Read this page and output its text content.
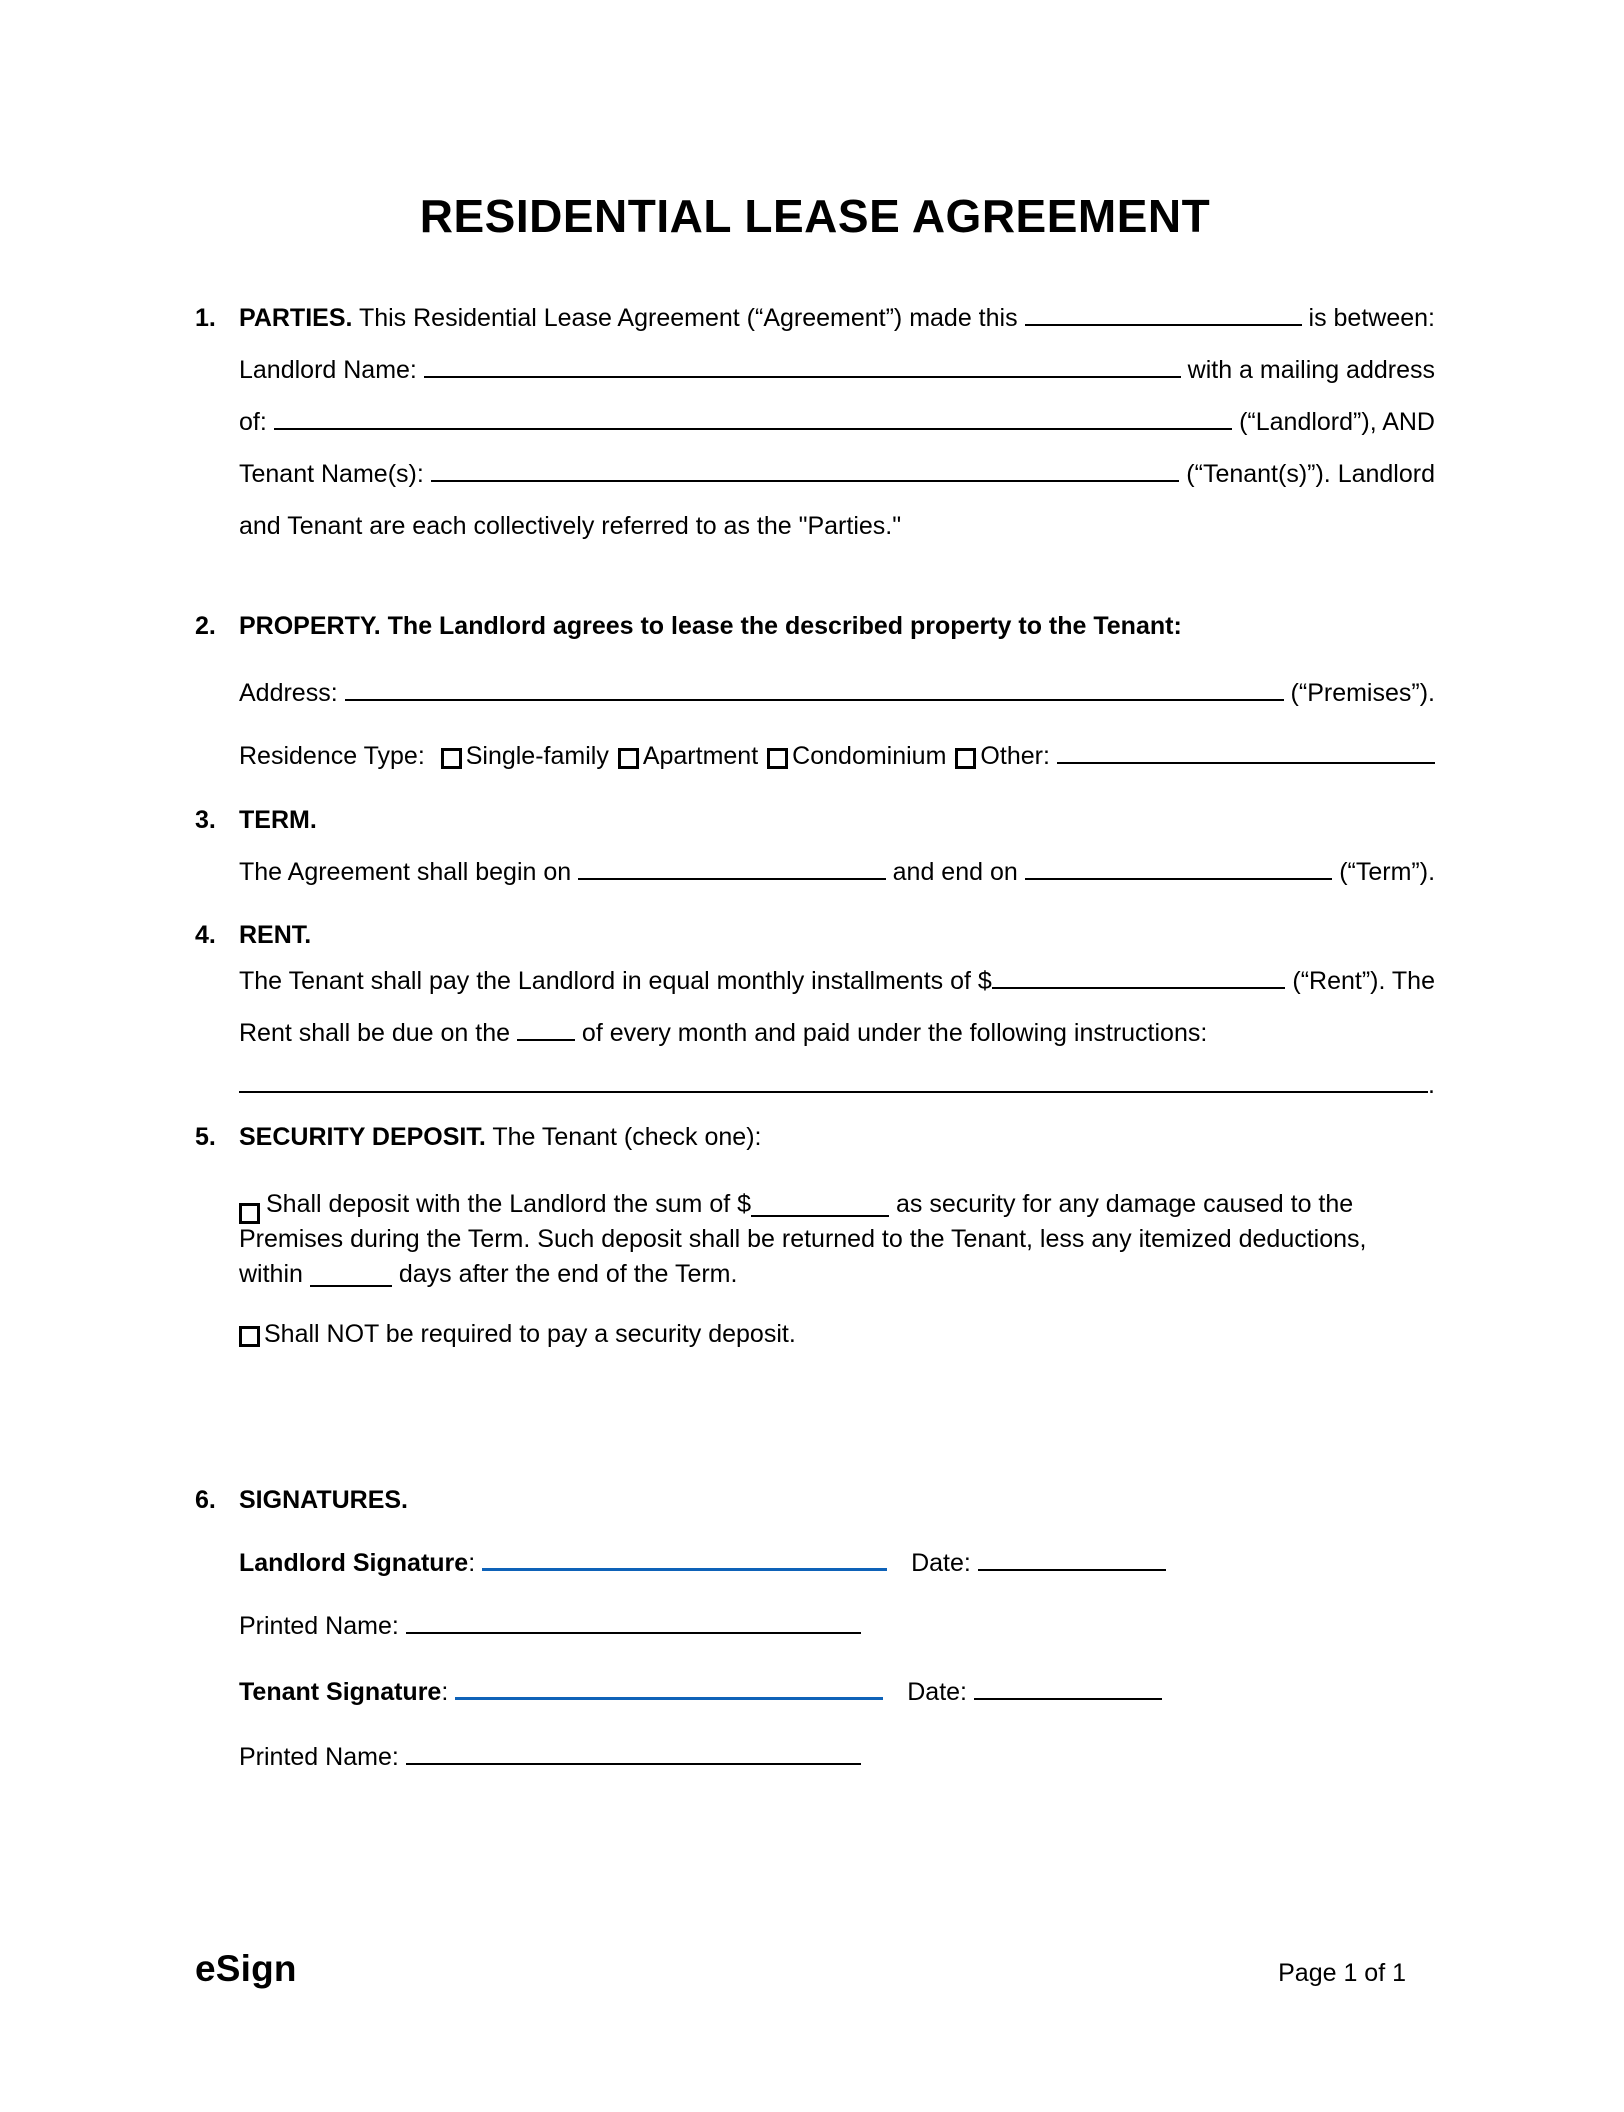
RESIDENTIAL LEASE AGREEMENT
1. PARTIES. This Residential Lease Agreement (“Agreement”) made this	is between:
Landlord Name:	with a mailing address
of:	(“Landlord”), AND
Tenant Name(s):	(“Tenant(s)”). Landlord
and Tenant are each collectively referred to as the "Parties."
2. PROPERTY. The Landlord agrees to lease the described property to the Tenant:
Address:	(“Premises”).
Residence Type: Single-family Apartment Condominium Other:
3. TERM.
The Agreement shall begin on	and end on	(“Term”).
4. RENT.
The Tenant shall pay the Landlord in equal monthly installments of $	(“Rent”). The
Rent shall be due on the of every month and paid under the following instructions:
.
5. SECURITY DEPOSIT. The Tenant (check one):
Shall deposit with the Landlord the sum of $	as security for any damage caused to the Premises during the Term. Such deposit shall be returned to the Tenant, less any itemized deductions, within	days after the end of the Term.
Shall NOT be required to pay a security deposit.
6. SIGNATURES.
Landlord Signature :	Date:
Printed Name:
Tenant Signature :	Date:
Printed Name:
eSign	Page 1 of 1
